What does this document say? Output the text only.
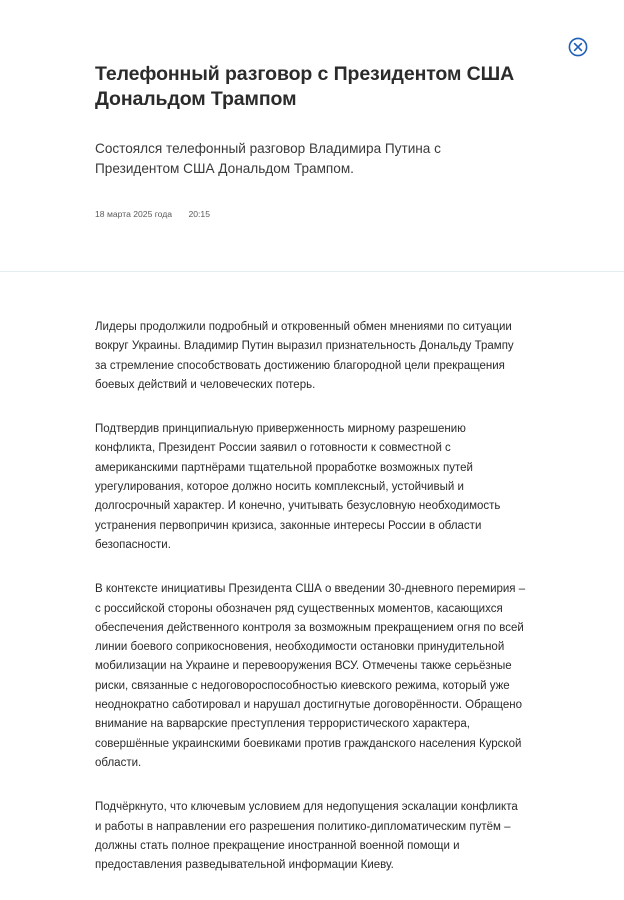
Телефонный разговор с Президентом США Дональдом Трампом

Состоялся телефонный разговор Владимира Путина с Президентом США Дональдом Трампом.

18 марта 2025 года 20:15

Лидеры продолжили подробный и откровенный обмен мнениями по ситуации вокруг Украины. Владимир Путин выразил признательность Дональду Трампу за стремление способствовать достижению благородной цели прекращения боевых действий и человеческих потерь.

Подтвердив принципиальную приверженность мирному разрешению конфликта, Президент России заявил о готовности к совместной с американскими партнёрами тщательной проработке возможных путей урегулирования, которое должно носить комплексный, устойчивый и долгосрочный характер. И конечно, учитывать безусловную необходимость устранения первопричин кризиса, законные интересы России в области безопасности.

В контексте инициативы Президента США о введении 30-дневного перемирия – с российской стороны обозначен ряд существенных моментов, касающихся обеспечения действенного контроля за возможным прекращением огня по всей линии боевого соприкосновения, необходимости остановки принудительной мобилизации на Украине и перевооружения ВСУ. Отмечены также серьёзные риски, связанные с недоговороспособностью киевского режима, который уже неоднократно саботировал и нарушал достигнутые договорённости. Обращено внимание на варварские преступления террористического характера, совершённые украинскими боевиками против гражданского населения Курской области.

Подчёркнуто, что ключевым условием для недопущения эскалации конфликта и работы в направлении его разрешения политико-дипломатическим путём – должны стать полное прекращение иностранной военной помощи и предоставления разведывательной информации Киеву.
